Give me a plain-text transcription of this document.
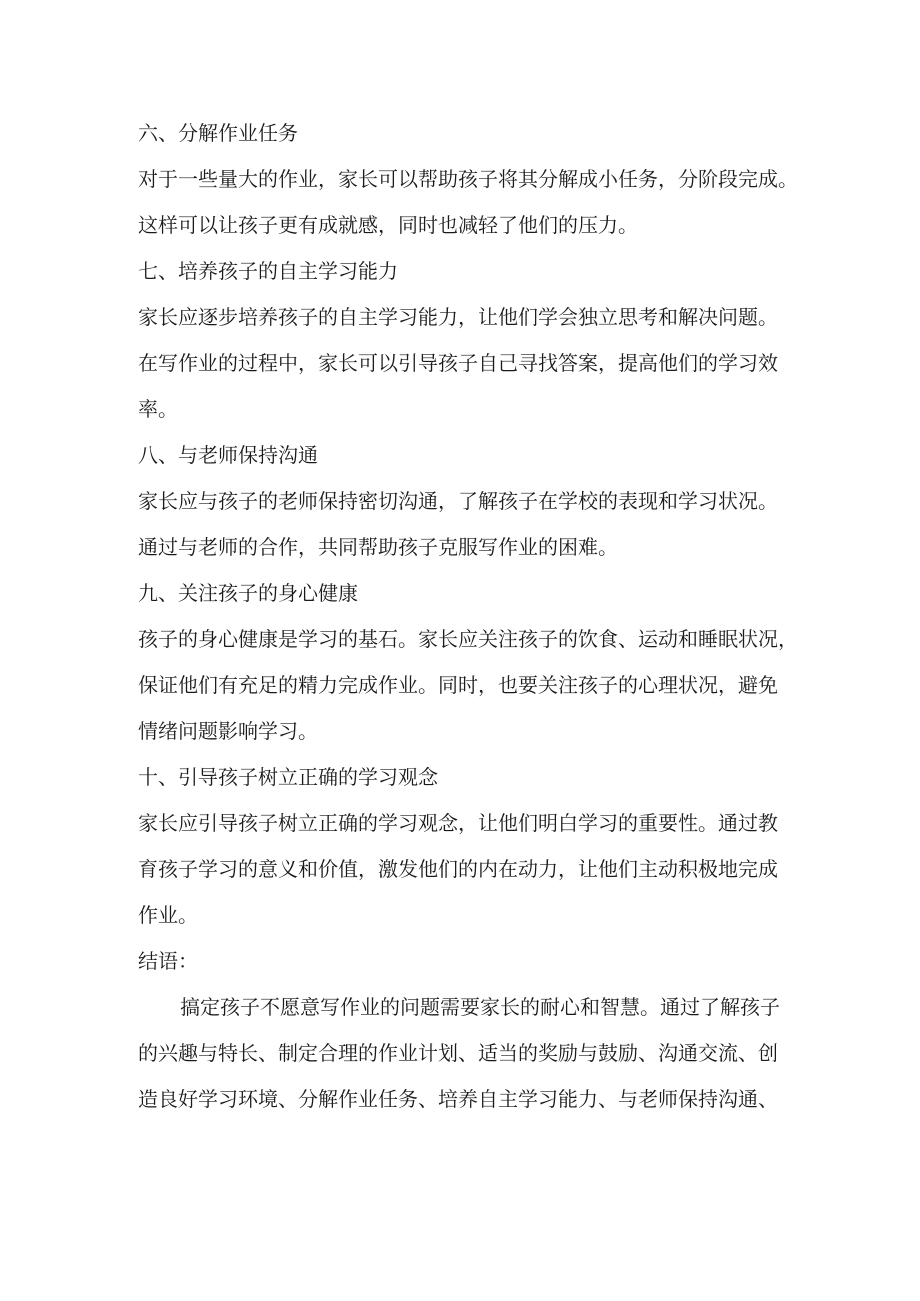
六、分解作业任务
对于一些量大的作业，家长可以帮助孩子将其分解成小任务，分阶段完成。
这样可以让孩子更有成就感，同时也减轻了他们的压力。
七、培养孩子的自主学习能力
家长应逐步培养孩子的自主学习能力，让他们学会独立思考和解决问题。
在写作业的过程中，家长可以引导孩子自己寻找答案，提高他们的学习效
率。
八、与老师保持沟通
家长应与孩子的老师保持密切沟通，了解孩子在学校的表现和学习状况。
通过与老师的合作，共同帮助孩子克服写作业的困难。
九、关注孩子的身心健康
孩子的身心健康是学习的基石。家长应关注孩子的饮食、运动和睡眠状况，
保证他们有充足的精力完成作业。同时，也要关注孩子的心理状况，避免
情绪问题影响学习。
十、引导孩子树立正确的学习观念
家长应引导孩子树立正确的学习观念，让他们明白学习的重要性。通过教
育孩子学习的意义和价值，激发他们的内在动力，让他们主动积极地完成
作业。
结语：
搞定孩子不愿意写作业的问题需要家长的耐心和智慧。通过了解孩子
的兴趣与特长、制定合理的作业计划、适当的奖励与鼓励、沟通交流、创
造良好学习环境、分解作业任务、培养自主学习能力、与老师保持沟通、
